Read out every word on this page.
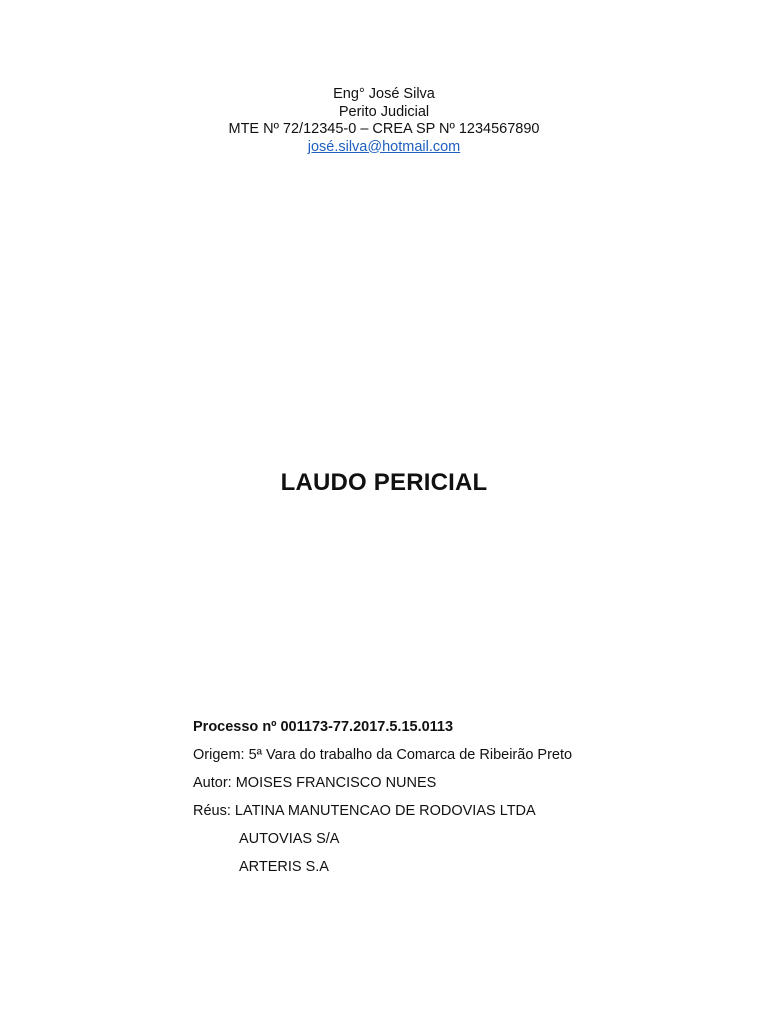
Eng° José Silva
Perito Judicial
MTE Nº 72/12345-0 – CREA SP Nº 1234567890
josé.silva@hotmail.com
LAUDO PERICIAL
Processo nº 001173-77.2017.5.15.0113
Origem: 5ª Vara do trabalho da Comarca de Ribeirão Preto
Autor: MOISES FRANCISCO NUNES
Réus: LATINA MANUTENCAO DE RODOVIAS LTDA
AUTOVIAS S/A
ARTERIS S.A
